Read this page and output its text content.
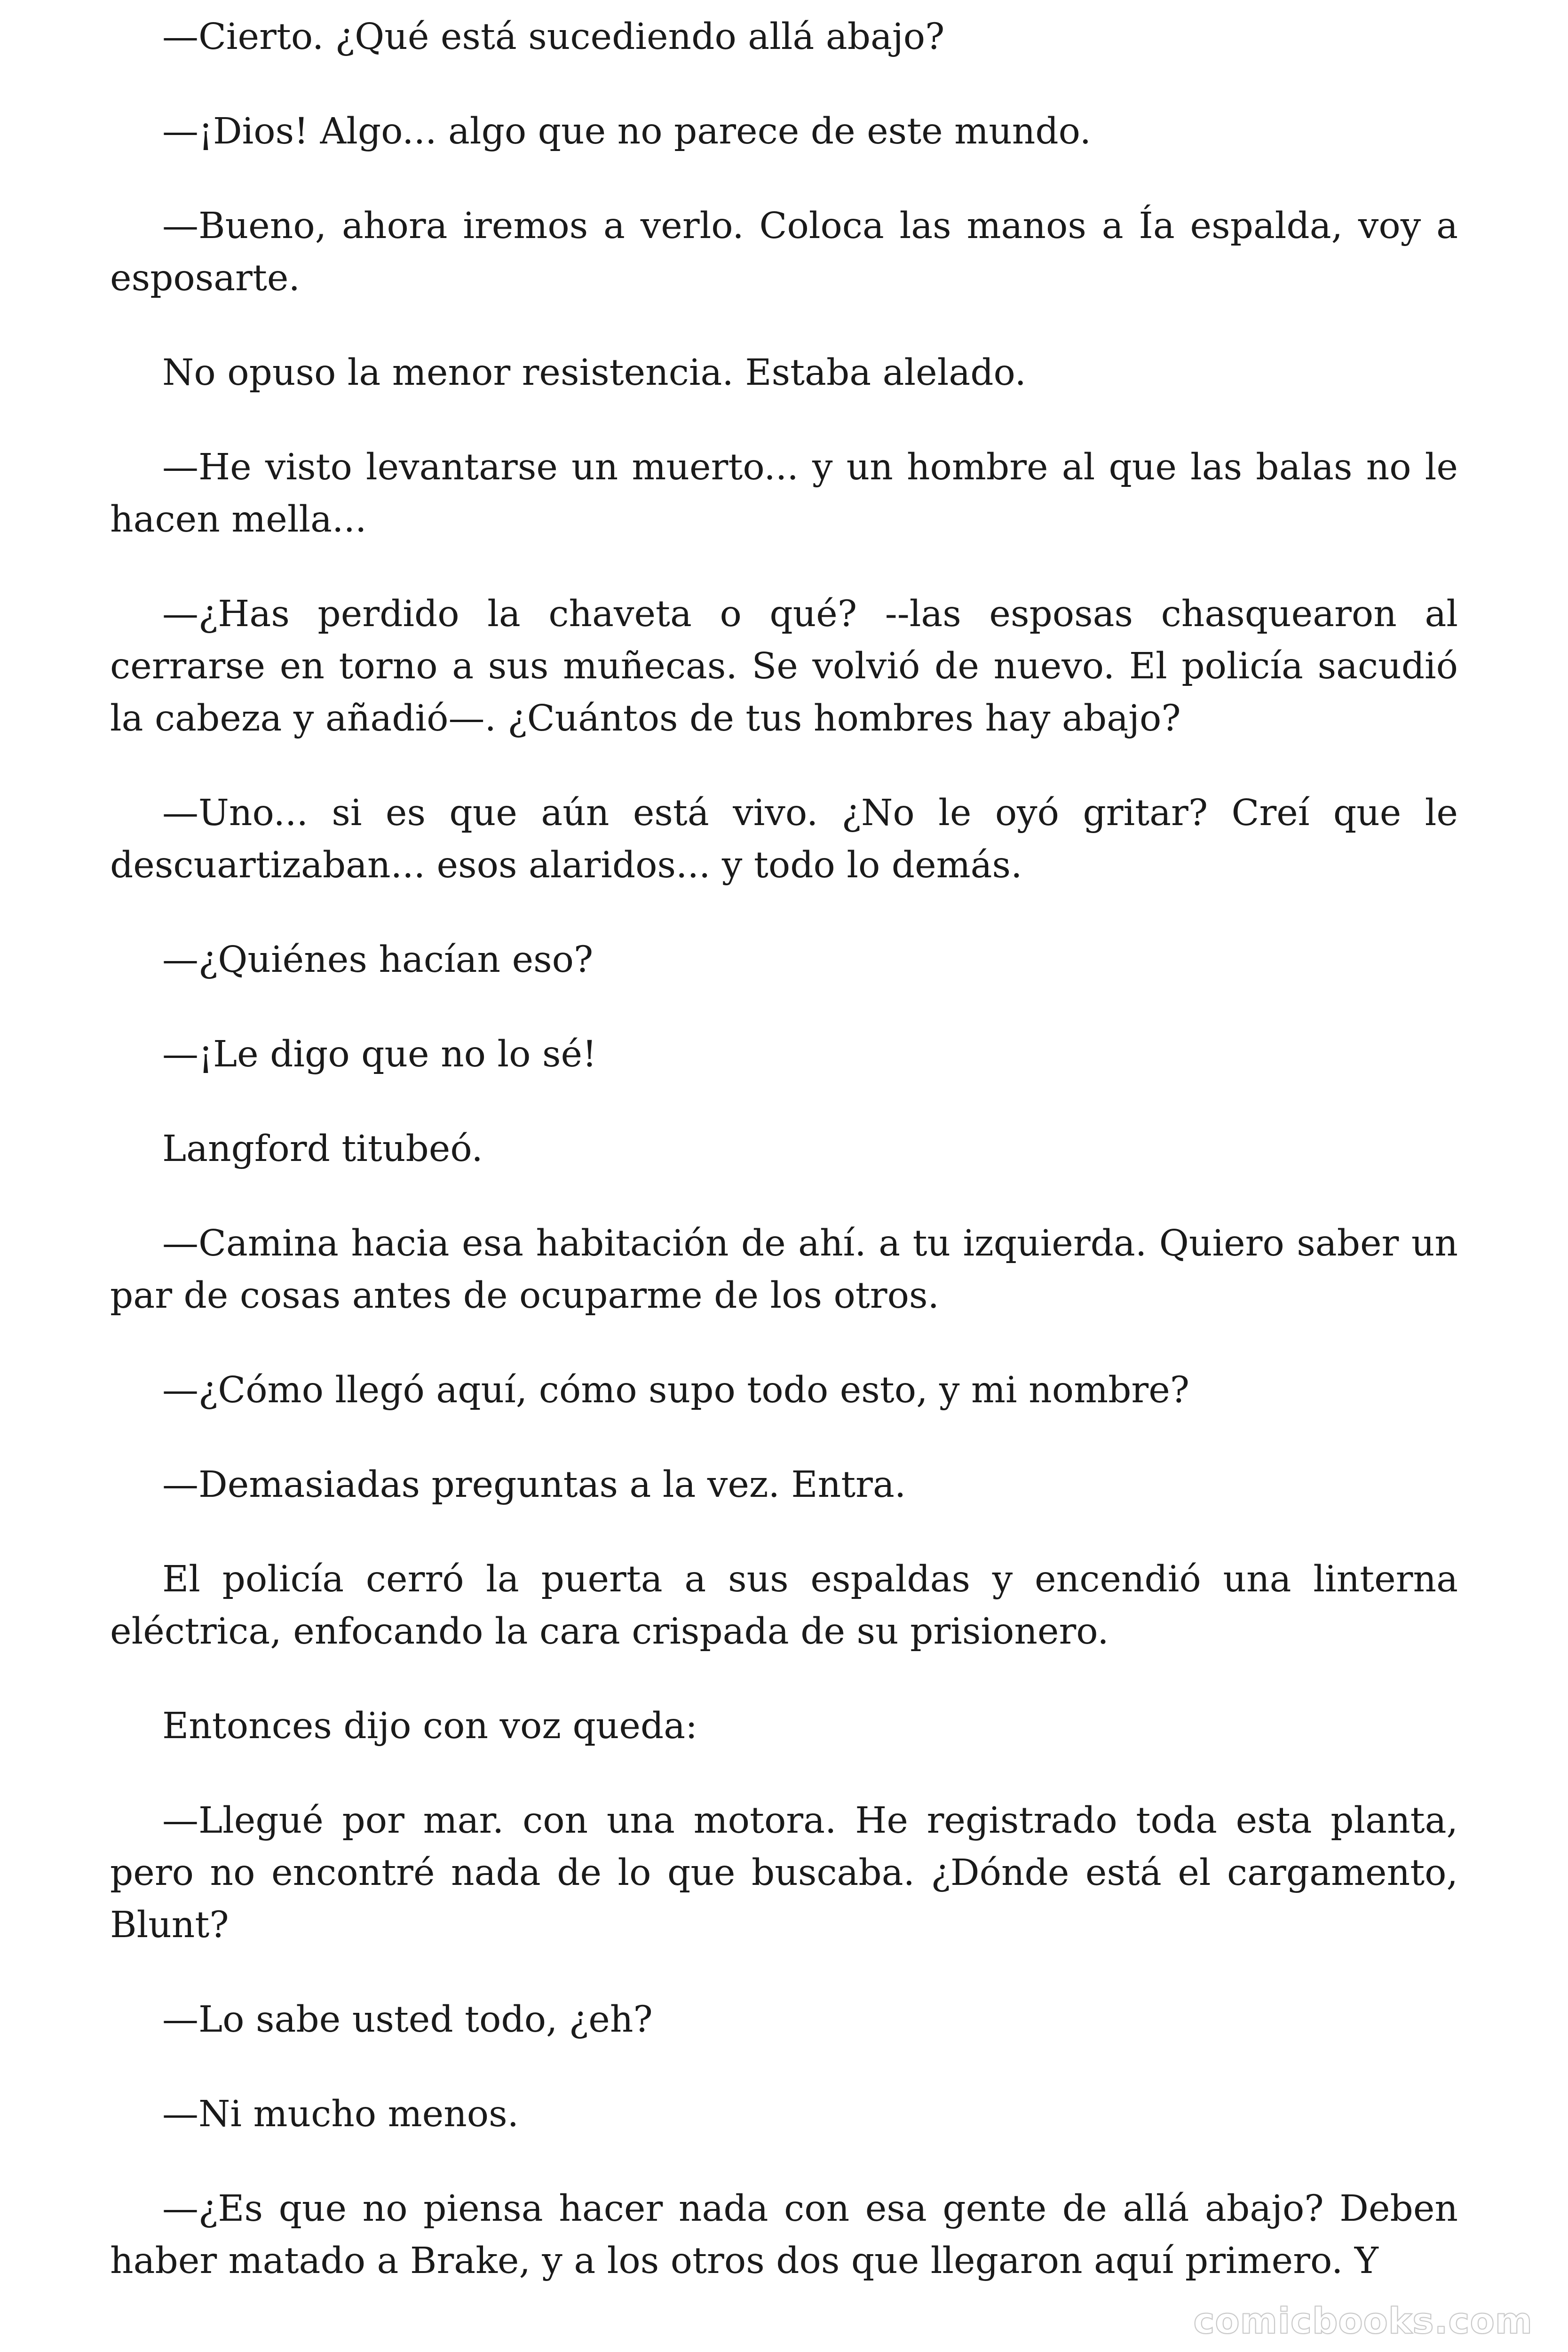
—Cierto. ¿Qué está sucediendo allá abajo?

—¡Dios! Algo... algo que no parece de este mundo.

—Bueno, ahora iremos a verlo. Coloca las manos a Ía espalda, voy a esposarte.

No opuso la menor resistencia. Estaba alelado.

—He visto levantarse un muerto... y un hombre al que las balas no le hacen mella...

—¿Has perdido la chaveta o qué? --las esposas chasquearon al cerrarse en torno a sus muñecas. Se volvió de nuevo. El policía sacudió la cabeza y añadió—. ¿Cuántos de tus hombres hay abajo?

—Uno... si es que aún está vivo. ¿No le oyó gritar? Creí que le descuartizaban... esos alaridos... y todo lo demás.

—¿Quiénes hacían eso?

—¡Le digo que no lo sé!

Langford titubeó.

—Camina hacia esa habitación de ahí. a tu izquierda. Quiero saber un par de cosas antes de ocuparme de los otros.

—¿Cómo llegó aquí, cómo supo todo esto, y mi nombre?

—Demasiadas preguntas a la vez. Entra.

El policía cerró la puerta a sus espaldas y encendió una linterna eléctrica, enfocando la cara crispada de su prisionero.

Entonces dijo con voz queda:

—Llegué por mar. con una motora. He registrado toda esta planta, pero no encontré nada de lo que buscaba. ¿Dónde está el cargamento, Blunt?

—Lo sabe usted todo, ¿eh?

—Ni mucho menos.

—¿Es que no piensa hacer nada con esa gente de allá abajo? Deben haber matado a Brake, y a los otros dos que llegaron aquí primero. Y

comicbooks.com
